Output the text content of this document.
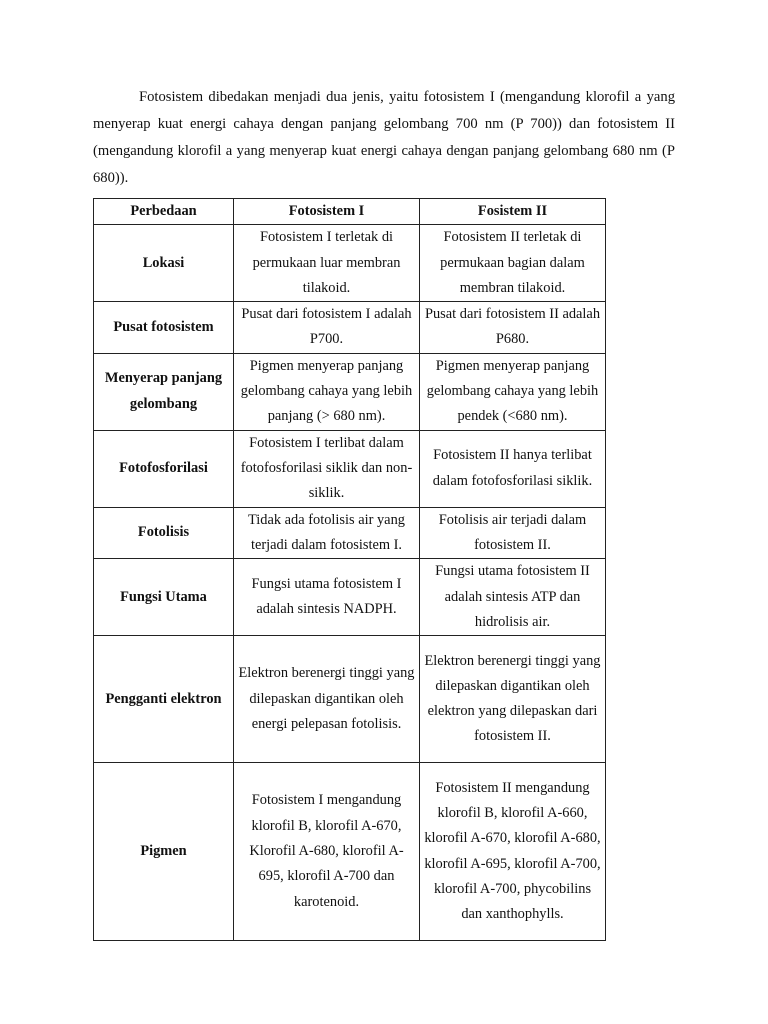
Fotosistem dibedakan menjadi dua jenis, yaitu fotosistem I (mengandung klorofil a yang menyerap kuat energi cahaya dengan panjang gelombang 700 nm (P 700)) dan fotosistem II (mengandung klorofil a yang menyerap kuat energi cahaya dengan panjang gelombang 680 nm (P 680)).

Perbedaan	Fotosistem I	Fosistem II
Lokasi	Fotosistem I terletak di permukaan luar membran tilakoid.	Fotosistem II terletak di permukaan bagian dalam membran tilakoid.
Pusat fotosistem	Pusat dari fotosistem I adalah P700.	Pusat dari fotosistem II adalah P680.
Menyerap panjang gelombang	Pigmen menyerap panjang gelombang cahaya yang lebih panjang (> 680 nm).	Pigmen menyerap panjang gelombang cahaya yang lebih pendek (<680 nm).
Fotofosforilasi	Fotosistem I terlibat dalam fotofosforilasi siklik dan non-siklik.	Fotosistem II hanya terlibat dalam fotofosforilasi siklik.
Fotolisis	Tidak ada fotolisis air yang terjadi dalam fotosistem I.	Fotolisis air terjadi dalam fotosistem II.
Fungsi Utama	Fungsi utama fotosistem I adalah sintesis NADPH.	Fungsi utama fotosistem II adalah sintesis ATP dan hidrolisis air.
Pengganti elektron	Elektron berenergi tinggi yang dilepaskan digantikan oleh energi pelepasan fotolisis.	Elektron berenergi tinggi yang dilepaskan digantikan oleh elektron yang dilepaskan dari fotosistem II.
Pigmen	Fotosistem I mengandung klorofil B, klorofil A-670, Klorofil A-680, klorofil A-695, klorofil A-700 dan karotenoid.	Fotosistem II mengandung klorofil B, klorofil A-660, klorofil A-670, klorofil A-680, klorofil A-695, klorofil A-700, klorofil A-700, phycobilins dan xanthophylls.
